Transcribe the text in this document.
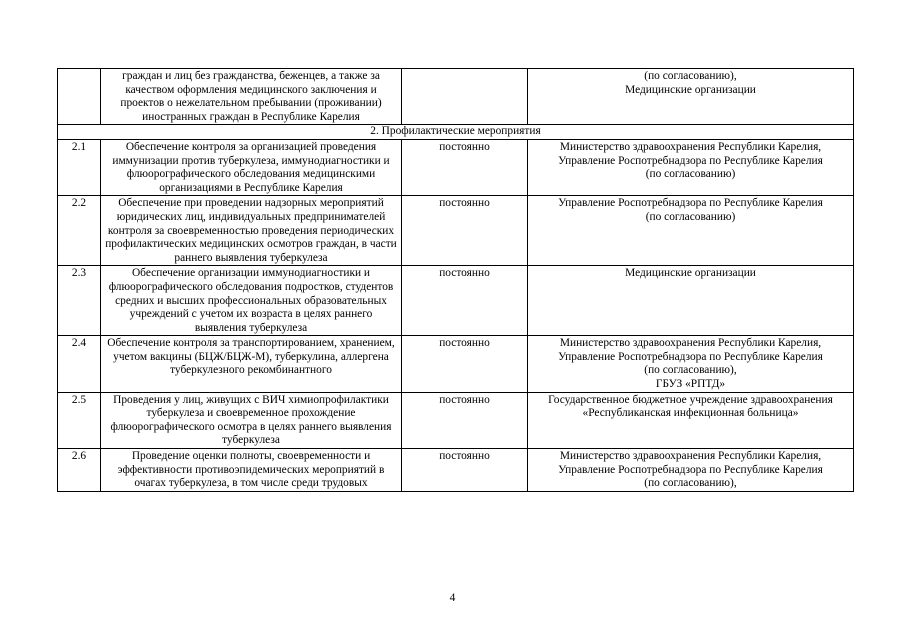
	граждан и лиц без гражданства, беженцев, а также за качеством оформления медицинского заключения и проектов о нежелательном пребывании (проживании) иностранных граждан в Республике Карелия		(по согласованию),
Медицинские организации
2. Профилактические мероприятия			
2.1	Обеспечение контроля за организацией проведения иммунизации против туберкулеза, иммунодиагностики и флюорографического обследования медицинскими организациями в Республике Карелия	постоянно	Министерство здравоохранения Республики Карелия, Управление Роспотребнадзора по Республике Карелия
(по согласованию)
2.2	Обеспечение при проведении надзорных мероприятий юридических лиц, индивидуальных предпринимателей контроля за своевременностью проведения периодических профилактических медицинских осмотров граждан, в части раннего выявления туберкулеза	постоянно	Управление Роспотребнадзора по Республике Карелия
(по согласованию)
2.3	Обеспечение организации иммунодиагностики и флюорографического обследования подростков, студентов средних и высших профессиональных образовательных учреждений с учетом их возраста в целях раннего выявления туберкулеза	постоянно	Медицинские организации
2.4	Обеспечение контроля за транспортированием, хранением, учетом вакцины (БЦЖ/БЦЖ-М), туберкулина, аллергена туберкулезного рекомбинантного	постоянно	Министерство здравоохранения Республики Карелия, Управление Роспотребнадзора по Республике Карелия
(по согласованию),
ГБУЗ «РПТД»
2.5	Проведения у лиц, живущих с ВИЧ химиопрофилактики туберкулеза и своевременное прохождение флюорографического осмотра в целях раннего выявления туберкулеза	постоянно	Государственное бюджетное учреждение здравоохранения «Республиканская инфекционная больница»
2.6	Проведение оценки полноты, своевременности и эффективности противоэпидемических мероприятий в очагах туберкулеза, в том числе среди трудовых	постоянно	Министерство здравоохранения Республики Карелия, Управление Роспотребнадзора по Республике Карелия
(по согласованию),
4
